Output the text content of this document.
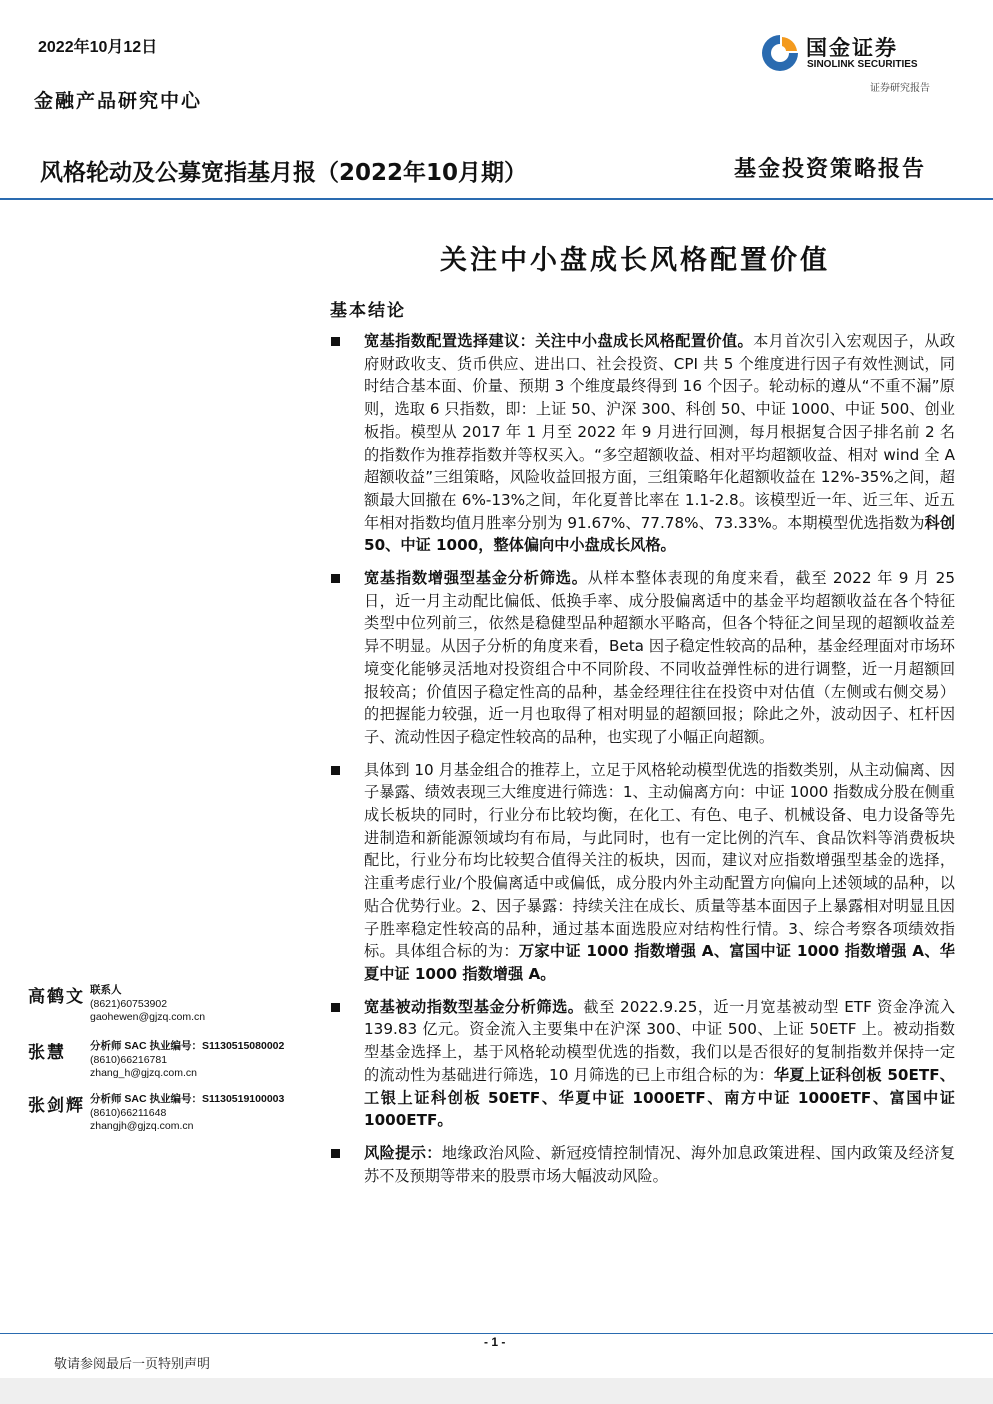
2022年10月12日
金融产品研究中心
国金证券
SINOLINK SECURITIES
证券研究报告
风格轮动及公募宽指基月报（2022年10月期）	基金投资策略报告
关注中小盘成长风格配置价值
基本结论
宽基指数配置选择建议：关注中小盘成长风格配置价值。本月首次引入宏观因子，从政府财政收支、货币供应、进出口、社会投资、CPI 共 5 个维度进行因子有效性测试，同时结合基本面、价量、预期 3 个维度最终得到 16 个因子。轮动标的遵从“不重不漏”原则，选取 6 只指数，即：上证 50、沪深 300、科创 50、中证 1000、中证 500、创业板指。模型从 2017 年 1 月至 2022 年 9 月进行回测，每月根据复合因子排名前 2 名的指数作为推荐指数并等权买入。“多空超额收益、相对平均超额收益、相对 wind 全 A 超额收益”三组策略，风险收益回报方面，三组策略年化超额收益在 12%-35%之间，超额最大回撤在 6%-13%之间，年化夏普比率在 1.1-2.8。该模型近一年、近三年、近五年相对指数均值月胜率分别为 91.67%、77.78%、73.33%。本期模型优选指数为科创 50、中证 1000，整体偏向中小盘成长风格。
宽基指数增强型基金分析筛选。从样本整体表现的角度来看，截至 2022 年 9 月 25 日，近一月主动配比偏低、低换手率、成分股偏离适中的基金平均超额收益在各个特征类型中位列前三，依然是稳健型品种超额水平略高，但各个特征之间呈现的超额收益差异不明显。从因子分析的角度来看，Beta 因子稳定性较高的品种，基金经理面对市场环境变化能够灵活地对投资组合中不同阶段、不同收益弹性标的进行调整，近一月超额回报较高；价值因子稳定性高的品种，基金经理往往在投资中对估值（左侧或右侧交易）的把握能力较强，近一月也取得了相对明显的超额回报；除此之外，波动因子、杠杆因子、流动性因子稳定性较高的品种，也实现了小幅正向超额。
具体到 10 月基金组合的推荐上，立足于风格轮动模型优选的指数类别，从主动偏离、因子暴露、绩效表现三大维度进行筛选：1、主动偏离方向：中证 1000 指数成分股在侧重成长板块的同时，行业分布比较均衡，在化工、有色、电子、机械设备、电力设备等先进制造和新能源领域均有布局，与此同时，也有一定比例的汽车、食品饮料等消费板块配比，行业分布均比较契合值得关注的板块，因而，建议对应指数增强型基金的选择，注重考虑行业/个股偏离适中或偏低，成分股内外主动配置方向偏向上述领域的品种，以贴合优势行业。2、因子暴露：持续关注在成长、质量等基本面因子上暴露相对明显且因子胜率稳定性较高的品种，通过基本面选股应对结构性行情。3、综合考察各项绩效指标。具体组合标的为：万家中证 1000 指数增强 A、富国中证 1000 指数增强 A、华夏中证 1000 指数增强 A。
宽基被动指数型基金分析筛选。截至 2022.9.25，近一月宽基被动型 ETF 资金净流入 139.83 亿元。资金流入主要集中在沪深 300、中证 500、上证 50ETF 上。被动指数型基金选择上，基于风格轮动模型优选的指数，我们以是否很好的复制指数并保持一定的流动性为基础进行筛选，10 月筛选的已上市组合标的为：华夏上证科创板 50ETF、工银上证科创板 50ETF、华夏中证 1000ETF、南方中证 1000ETF、富国中证 1000ETF。
风险提示：地缘政治风险、新冠疫情控制情况、海外加息政策进程、国内政策及经济复苏不及预期等带来的股票市场大幅波动风险。
高鹤文 联系人
(8621)60753902
gaohewen@gjzq.com.cn
张慧 分析师 SAC 执业编号：S1130515080002
(8610)66216781
zhang_h@gjzq.com.cn
张剑辉 分析师 SAC 执业编号：S1130519100003
(8610)66211648
zhangjh@gjzq.com.cn
- 1 -
敬请参阅最后一页特别声明
